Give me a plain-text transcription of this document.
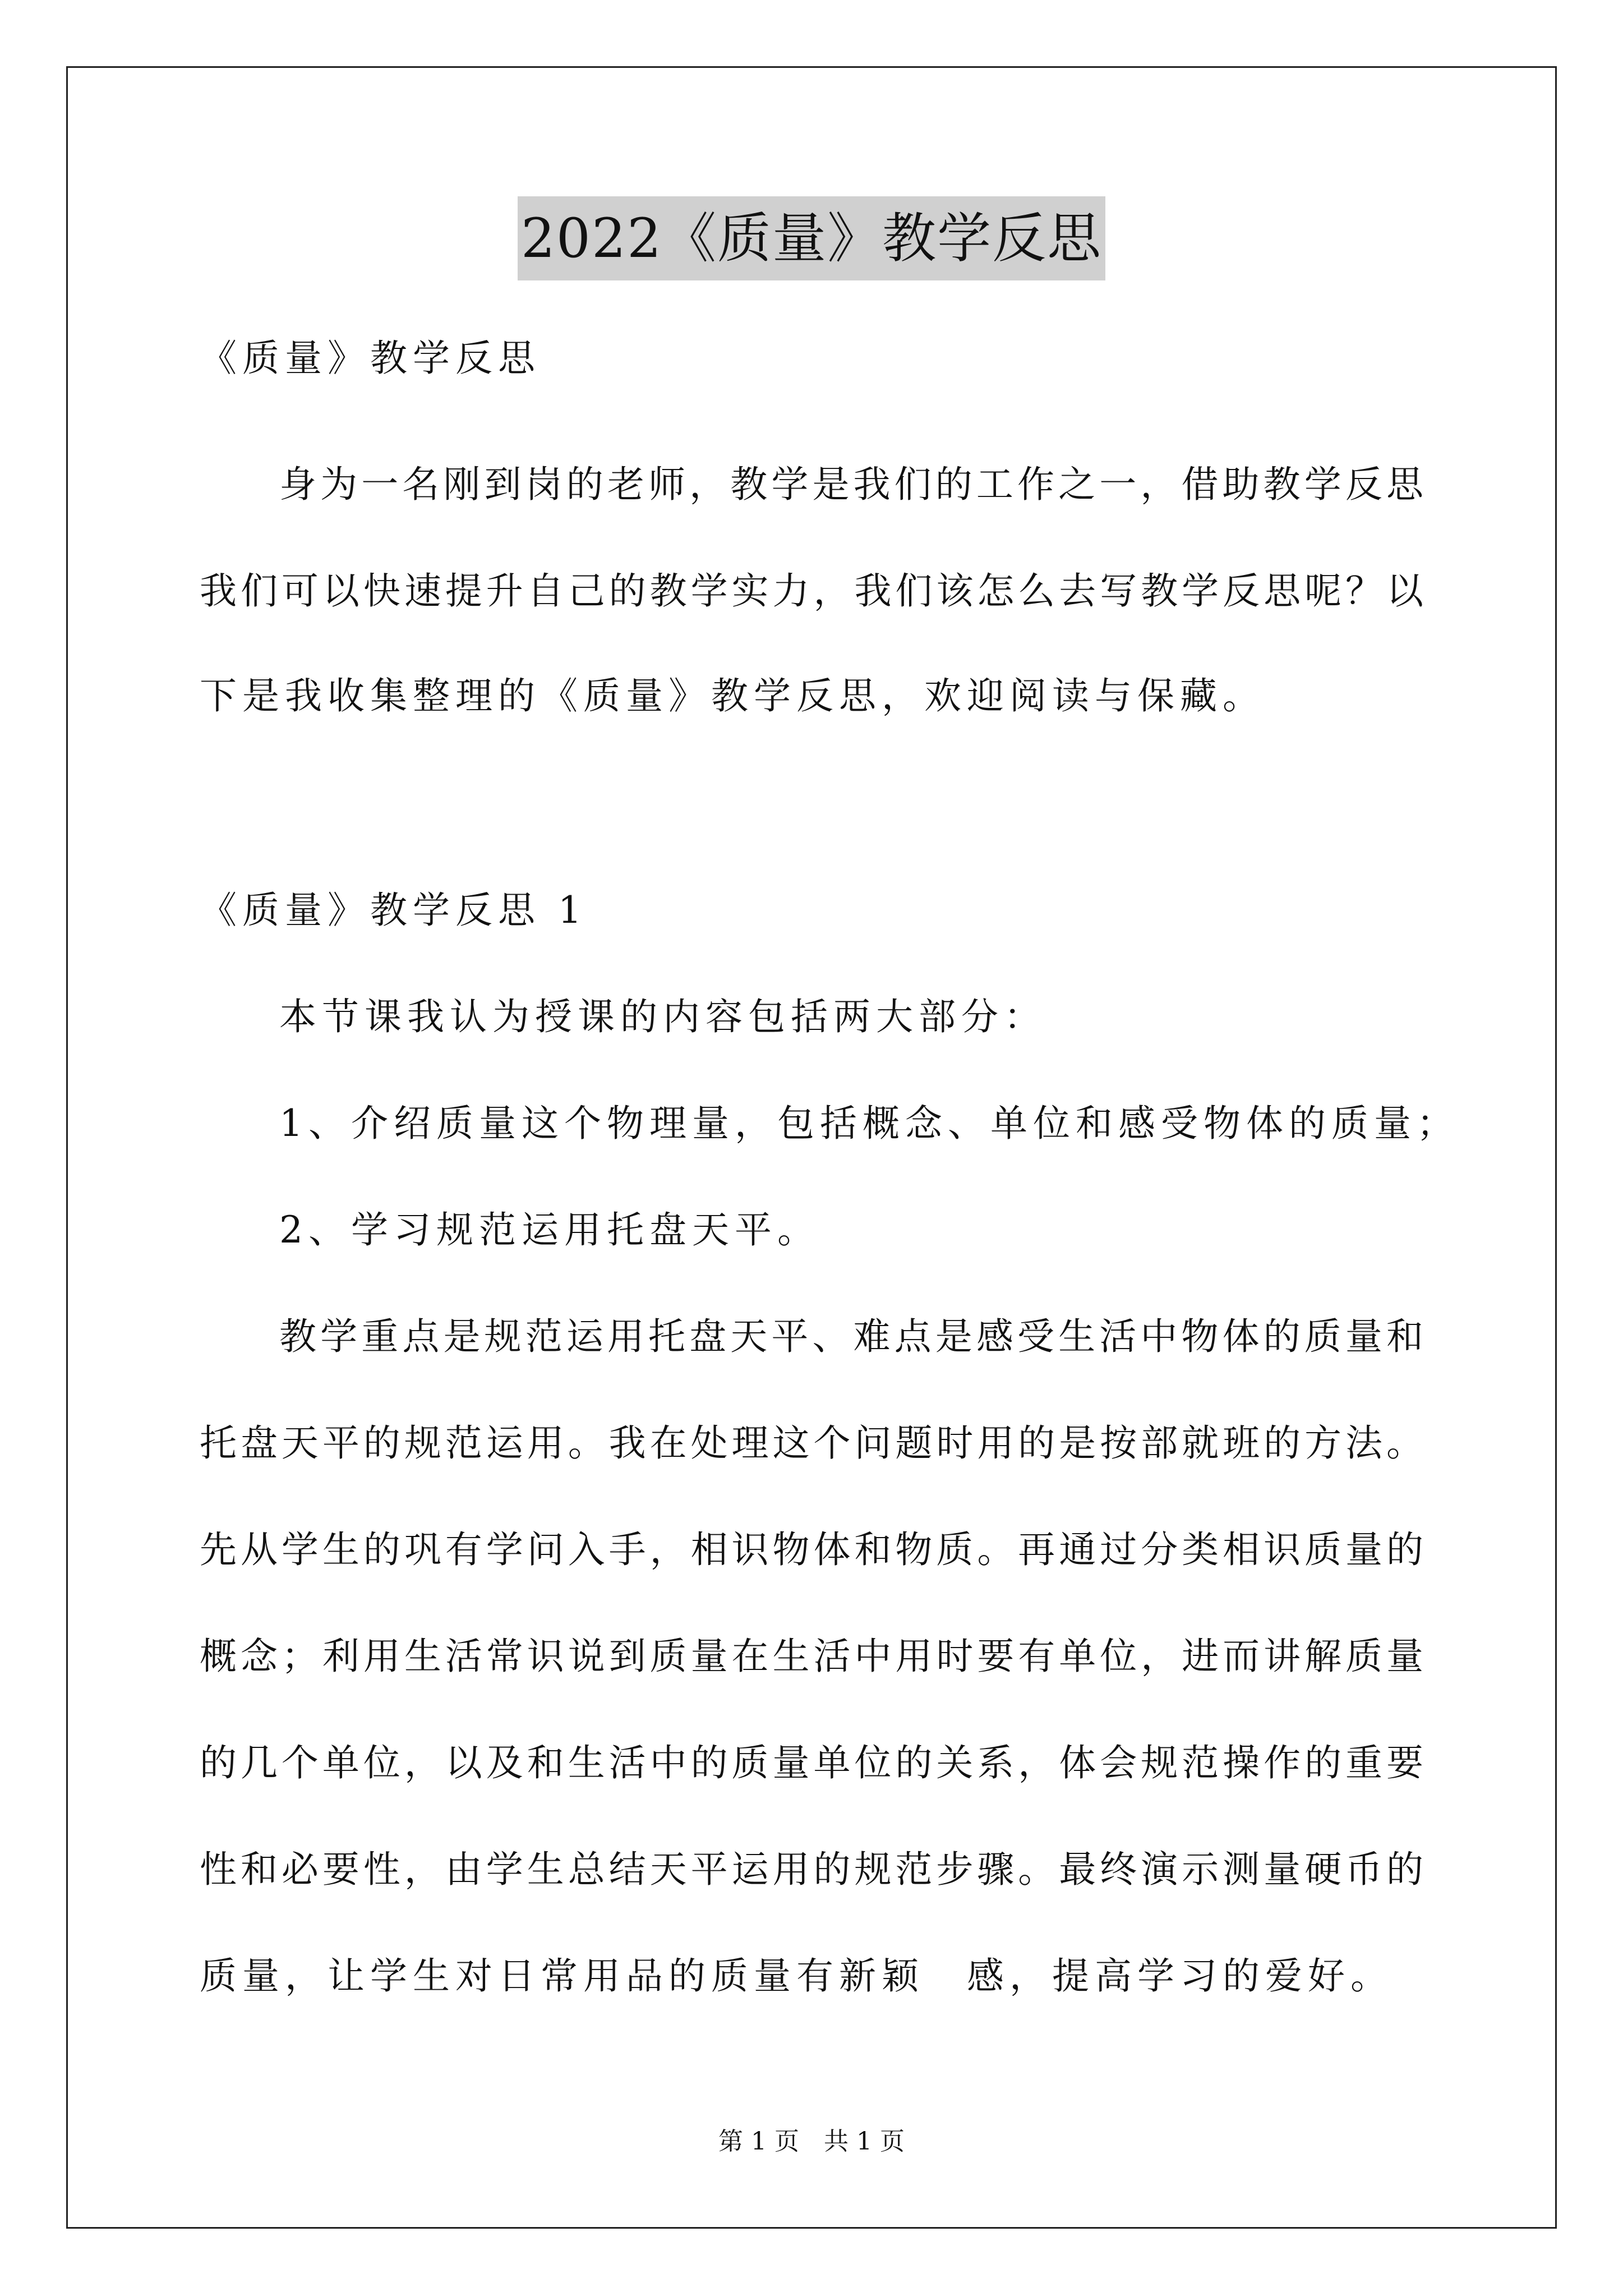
2022《质量》教学反思
《质量》教学反思
身为一名刚到岗的老师，教学是我们的工作之一，借助教学反思
我们可以快速提升自己的教学实力，我们该怎么去写教学反思呢？以
下是我收集整理的《质量》教学反思，欢迎阅读与保藏。
《质量》教学反思 1
本节课我认为授课的内容包括两大部分：
1、介绍质量这个物理量，包括概念、单位和感受物体的质量；
2、学习规范运用托盘天平。
教学重点是规范运用托盘天平、难点是感受生活中物体的质量和
托盘天平的规范运用。我在处理这个问题时用的是按部就班的方法。
先从学生的巩有学问入手，相识物体和物质。再通过分类相识质量的
概念；利用生活常识说到质量在生活中用时要有单位，进而讲解质量
的几个单位，以及和生活中的质量单位的关系，体会规范操作的重要
性和必要性，由学生总结天平运用的规范步骤。最终演示测量硬币的
质量，让学生对日常用品的质量有新颖　感，提高学习的爱好。
第 1 页　共 1 页
